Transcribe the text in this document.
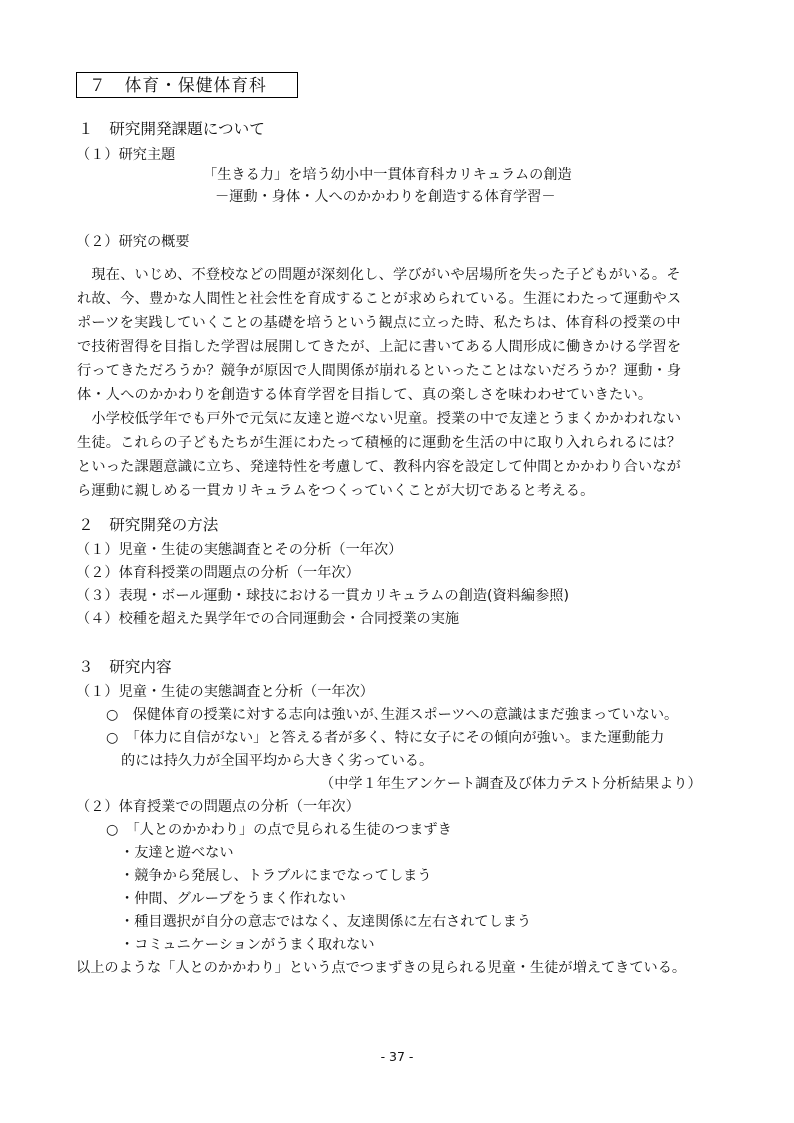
７　体育・保健体育科
１　研究開発課題について
（１）研究主題
「生きる力」を培う幼小中一貫体育科カリキュラムの創造
－運動・身体・人へのかかわりを創造する体育学習－
（２）研究の概要
　現在、いじめ、不登校などの問題が深刻化し、学びがいや居場所を失った子どもがいる。そ
れ故、今、豊かな人間性と社会性を育成することが求められている。生涯にわたって運動やス
ポーツを実践していくことの基礎を培うという観点に立った時、私たちは、体育科の授業の中
で技術習得を目指した学習は展開してきたが、上記に書いてある人間形成に働きかける学習を
行ってきただろうか？競争が原因で人間関係が崩れるといったことはないだろうか？運動・身
体・人へのかかわりを創造する体育学習を目指して、真の楽しさを味わわせていきたい。
　小学校低学年でも戸外で元気に友達と遊べない児童。授業の中で友達とうまくかかわれない
生徒。これらの子どもたちが生涯にわたって積極的に運動を生活の中に取り入れられるには？
といった課題意識に立ち、発達特性を考慮して、教科内容を設定して仲間とかかわり合いなが
ら運動に親しめる一貫カリキュラムをつくっていくことが大切であると考える。
２　研究開発の方法
（１）児童・生徒の実態調査とその分析（一年次）
（２）体育科授業の問題点の分析（一年次）
（３）表現・ボール運動・球技における一貫カリキュラムの創造(資料編参照)
（４）校種を超えた異学年での合同運動会・合同授業の実施
３　研究内容
（１）児童・生徒の実態調査と分析（一年次）
○　保健体育の授業に対する志向は強いが､生涯スポーツへの意識はまだ強まっていない。
○　「体力に自信がない」と答える者が多く、特に女子にその傾向が強い。また運動能力
的には持久力が全国平均から大きく劣っている。
（中学１年生アンケート調査及び体力テスト分析結果より）
（２）体育授業での問題点の分析（一年次）
○　「人とのかかわり」の点で見られる生徒のつまずき
・友達と遊べない
・競争から発展し、トラブルにまでなってしまう
・仲間、グループをうまく作れない
・種目選択が自分の意志ではなく、友達関係に左右されてしまう
・コミュニケーションがうまく取れない
以上のような「人とのかかわり」という点でつまずきの見られる児童・生徒が増えてきている。
- 37 -
